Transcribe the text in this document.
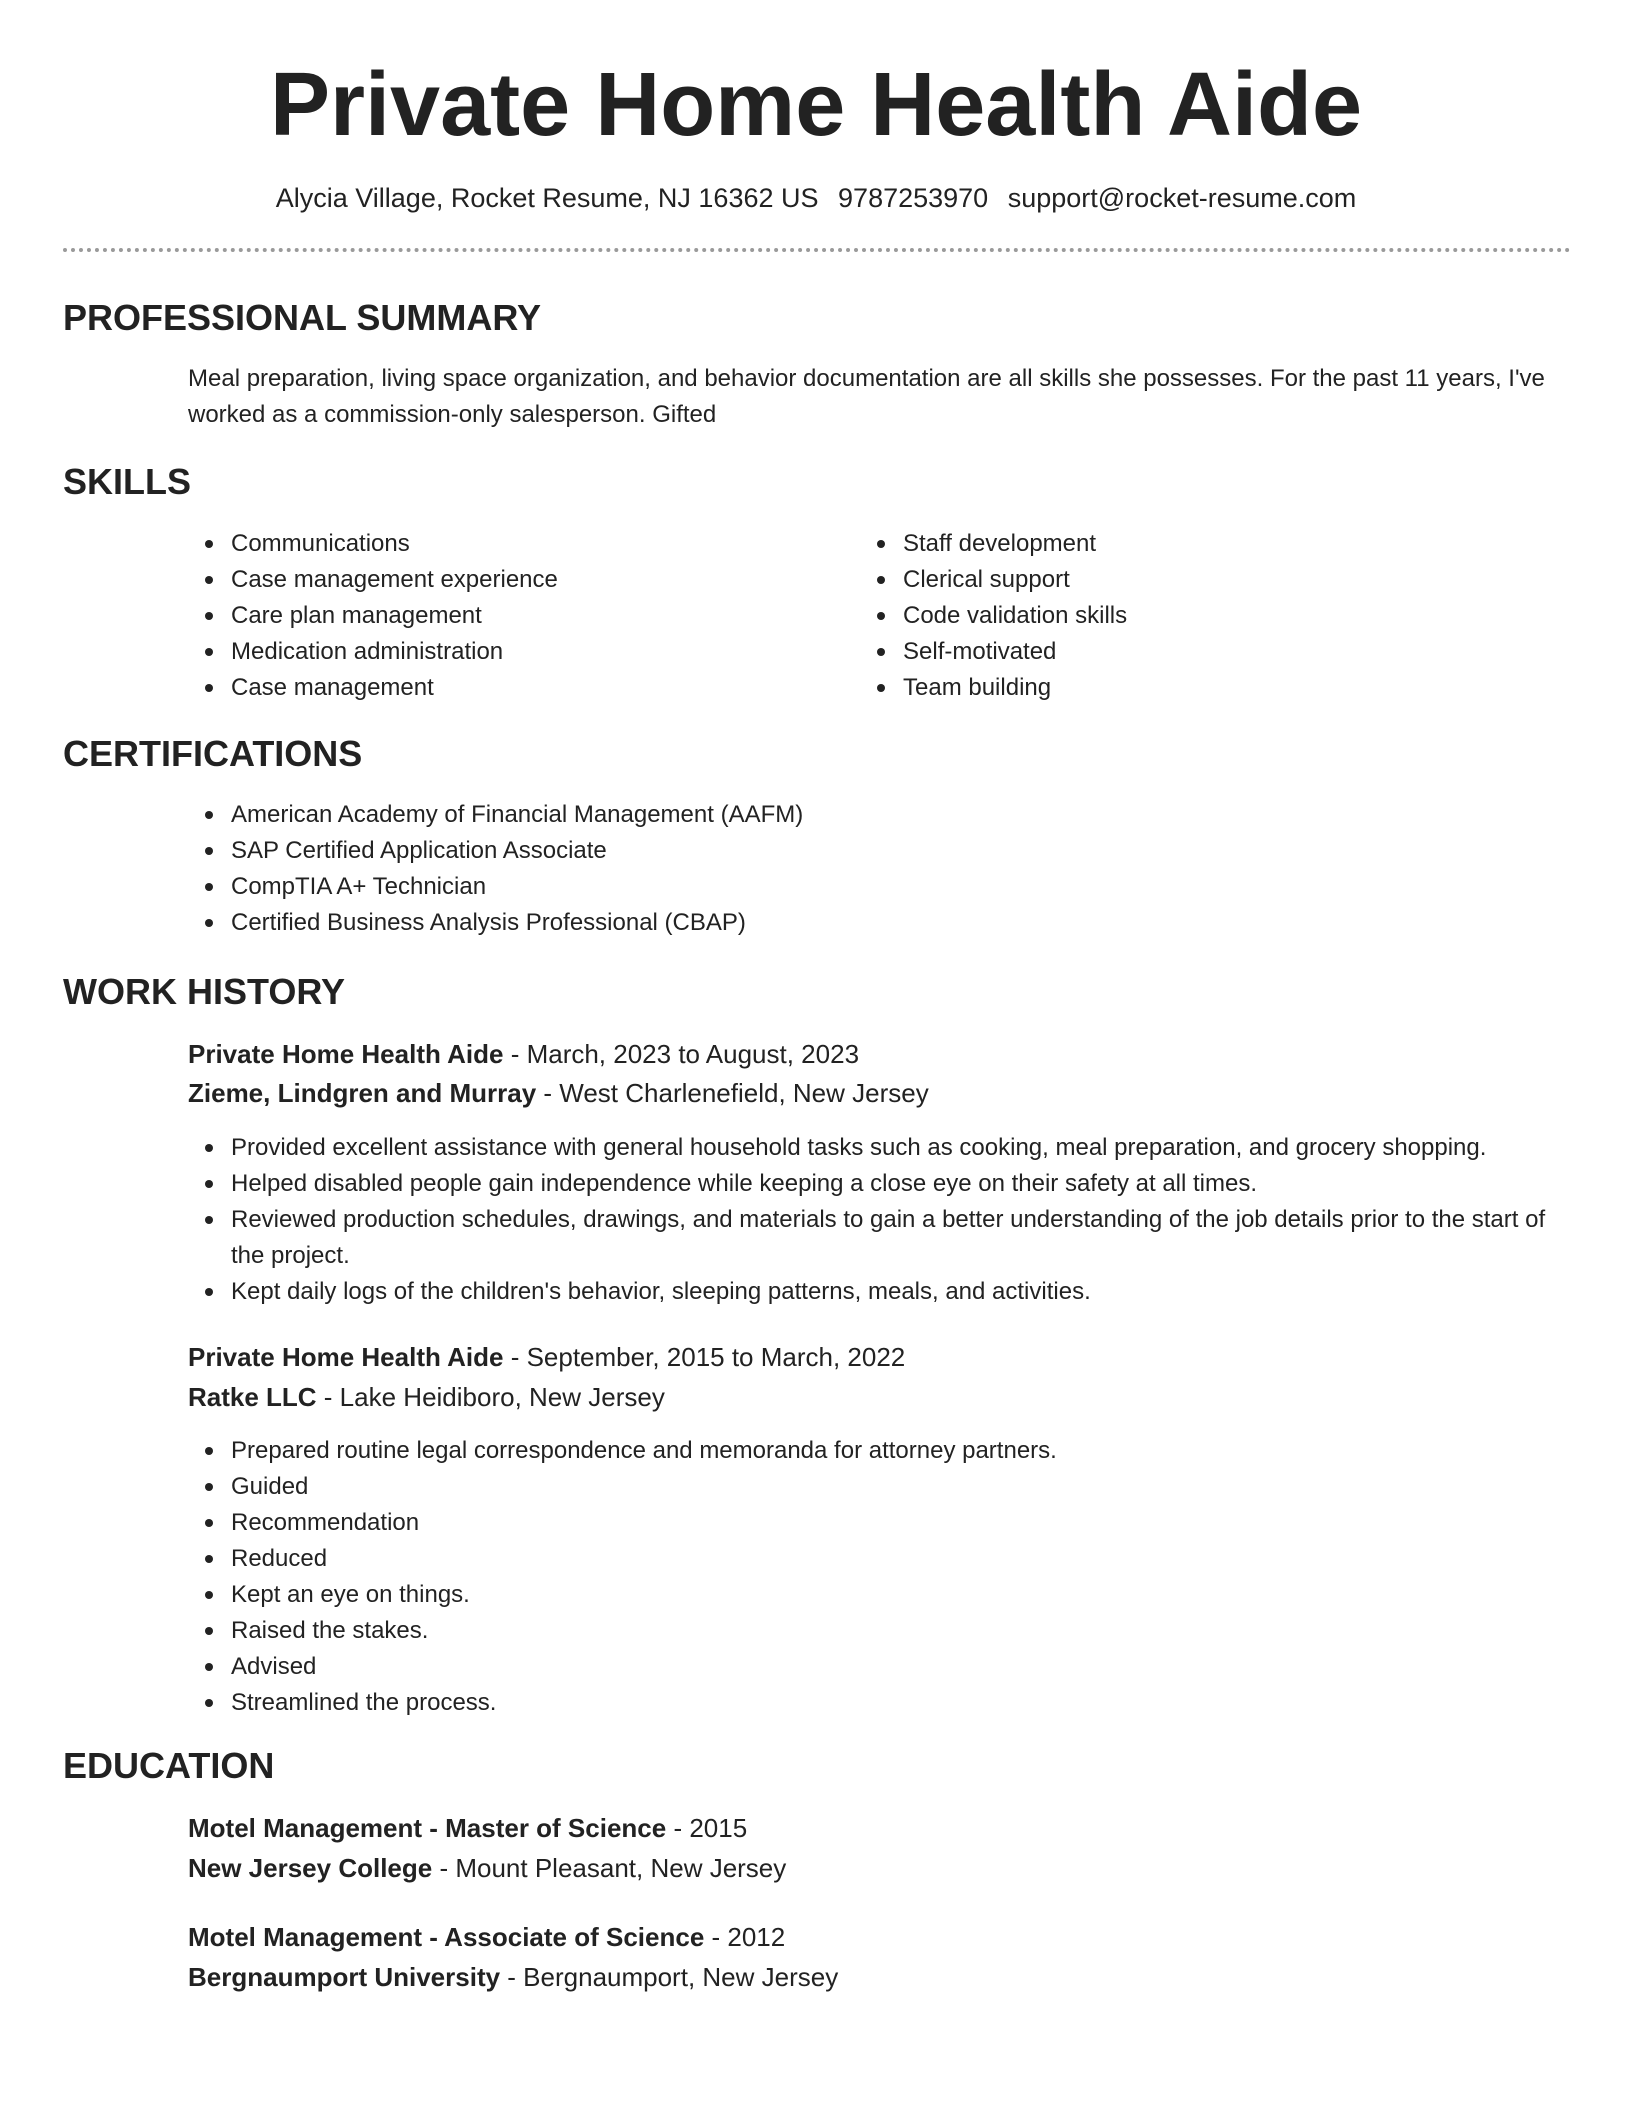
Private Home Health Aide
Alycia Village, Rocket Resume, NJ 16362 US 9787253970 support@rocket-resume.com
PROFESSIONAL SUMMARY

Meal preparation, living space organization, and behavior documentation are all skills she possesses. For the past 11 years, I've worked as a commission-only salesperson. Gifted

SKILLS
Communications
Case management experience
Care plan management
Medication administration
Case management
Staff development
Clerical support
Code validation skills
Self-motivated
Team building
CERTIFICATIONS
American Academy of Financial Management (AAFM)
SAP Certified Application Associate
CompTIA A+ Technician
Certified Business Analysis Professional (CBAP)
WORK HISTORY
Private Home Health Aide - March, 2023 to August, 2023
Zieme, Lindgren and Murray - West Charlenefield, New Jersey
Provided excellent assistance with general household tasks such as cooking, meal preparation, and grocery shopping.
Helped disabled people gain independence while keeping a close eye on their safety at all times.
Reviewed production schedules, drawings, and materials to gain a better understanding of the job details prior to the start of the project.
Kept daily logs of the children's behavior, sleeping patterns, meals, and activities.
Private Home Health Aide - September, 2015 to March, 2022
Ratke LLC - Lake Heidiboro, New Jersey
Prepared routine legal correspondence and memoranda for attorney partners.
Guided
Recommendation
Reduced
Kept an eye on things.
Raised the stakes.
Advised
Streamlined the process.
EDUCATION
Motel Management - Master of Science - 2015
New Jersey College - Mount Pleasant, New Jersey
Motel Management - Associate of Science - 2012
Bergnaumport University - Bergnaumport, New Jersey
